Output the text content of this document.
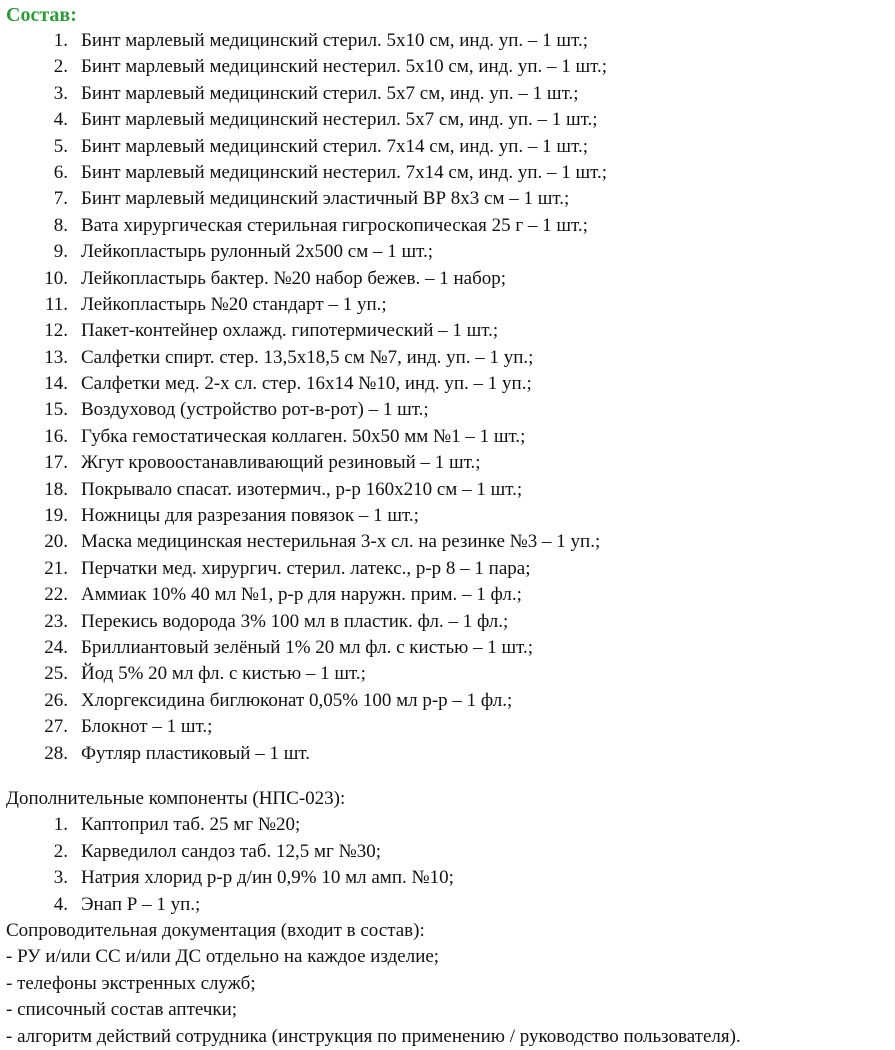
Состав:
1. Бинт марлевый медицинский стерил. 5х10 см, инд. уп. – 1 шт.;
2. Бинт марлевый медицинский нестерил. 5х10 см, инд. уп. – 1 шт.;
3. Бинт марлевый медицинский стерил. 5х7 см, инд. уп. – 1 шт.;
4. Бинт марлевый медицинский нестерил. 5х7 см, инд. уп. – 1 шт.;
5. Бинт марлевый медицинский стерил. 7х14 см, инд. уп. – 1 шт.;
6. Бинт марлевый медицинский нестерил. 7х14 см, инд. уп. – 1 шт.;
7. Бинт марлевый медицинский эластичный ВР 8х3 см – 1 шт.;
8. Вата хирургическая стерильная гигроскопическая 25 г – 1 шт.;
9. Лейкопластырь рулонный 2х500 см – 1 шт.;
10. Лейкопластырь бактер. №20 набор бежев. – 1 набор;
11. Лейкопластырь №20 стандарт – 1 уп.;
12. Пакет-контейнер охлажд. гипотермический – 1 шт.;
13. Салфетки спирт. стер. 13,5х18,5 см №7, инд. уп. – 1 уп.;
14. Салфетки мед. 2-х сл. стер. 16х14 №10, инд. уп. – 1 уп.;
15. Воздуховод (устройство рот-в-рот) – 1 шт.;
16. Губка гемостатическая коллаген. 50х50 мм №1 – 1 шт.;
17. Жгут кровоостанавливающий резиновый – 1 шт.;
18. Покрывало спасат. изотермич., р-р 160х210 см – 1 шт.;
19. Ножницы для разрезания повязок – 1 шт.;
20. Маска медицинская нестерильная 3-х сл. на резинке №3 – 1 уп.;
21. Перчатки мед. хирургич. стерил. латекс., р-р 8 – 1 пара;
22. Аммиак 10% 40 мл №1, р-р для наружн. прим. – 1 фл.;
23. Перекись водорода 3% 100 мл в пластик. фл. – 1 фл.;
24. Бриллиантовый зелёный 1% 20 мл фл. с кистью – 1 шт.;
25. Йод 5% 20 мл фл. с кистью – 1 шт.;
26. Хлоргексидина биглюконат 0,05% 100 мл р-р – 1 фл.;
27. Блокнот – 1 шт.;
28. Футляр пластиковый – 1 шт.
Дополнительные компоненты (НПС-023):
1. Каптоприл таб. 25 мг №20;
2. Карведилол сандоз таб. 12,5 мг №30;
3. Натрия хлорид р-р д/ин 0,9% 10 мл амп. №10;
4. Энап Р – 1 уп.;
Сопроводительная документация (входит в состав):
- РУ и/или СС и/или ДС отдельно на каждое изделие;
- телефоны экстренных служб;
- списочный состав аптечки;
- алгоритм действий сотрудника (инструкция по применению / руководство пользователя).
